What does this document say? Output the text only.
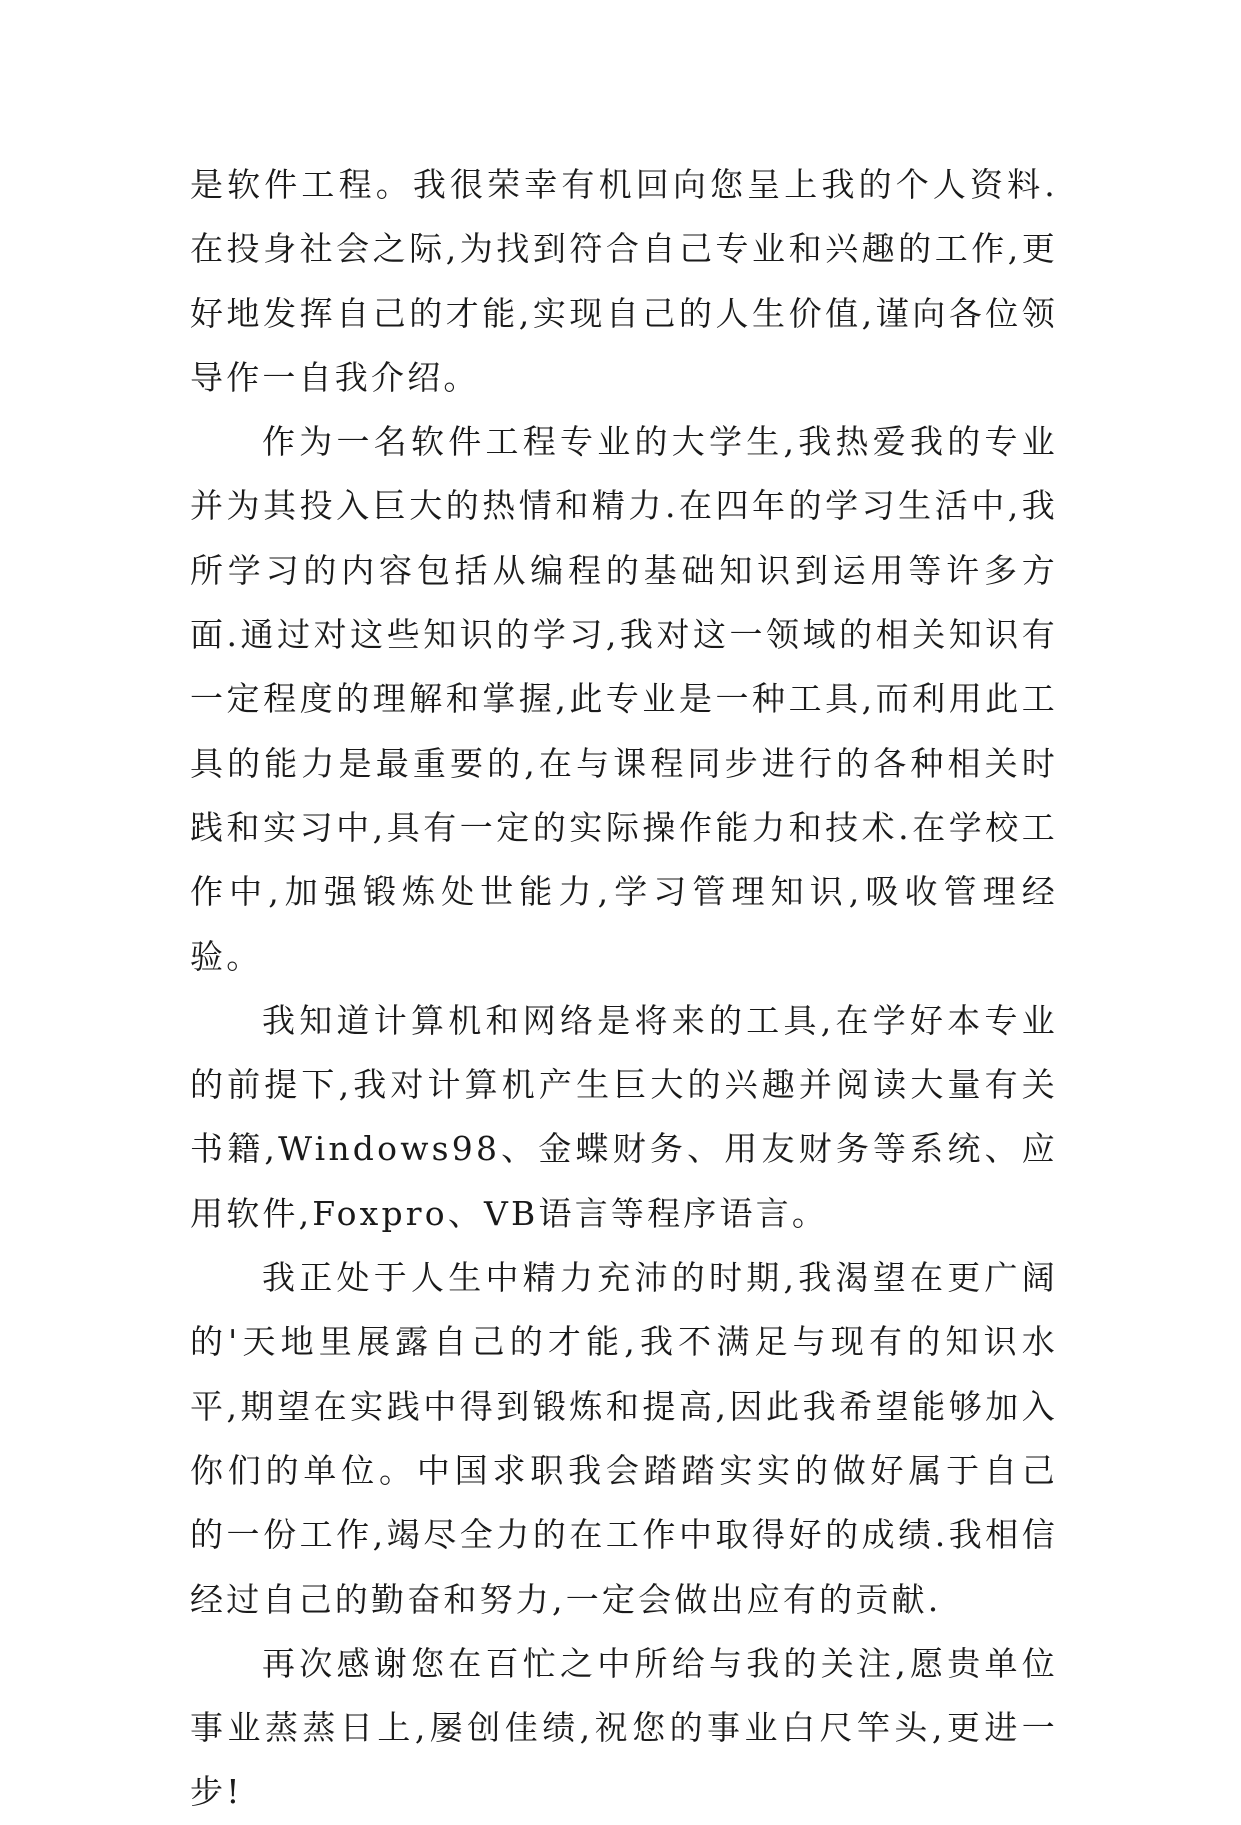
是软件工程。我很荣幸有机回向您呈上我的个人资料.在投身社会之际,为找到符合自己专业和兴趣的工作,更好地发挥自己的才能,实现自己的人生价值,谨向各位领导作一自我介绍。

作为一名软件工程专业的大学生,我热爱我的专业并为其投入巨大的热情和精力.在四年的学习生活中,我所学习的内容包括从编程的基础知识到运用等许多方面.通过对这些知识的学习,我对这一领域的相关知识有一定程度的理解和掌握,此专业是一种工具,而利用此工具的能力是最重要的,在与课程同步进行的各种相关时践和实习中,具有一定的实际操作能力和技术.在学校工作中,加强锻炼处世能力,学习管理知识,吸收管理经验。

我知道计算机和网络是将来的工具,在学好本专业的前提下,我对计算机产生巨大的兴趣并阅读大量有关书籍,Windows98、金蝶财务、用友财务等系统、应用软件,Foxpro、VB语言等程序语言。

我正处于人生中精力充沛的时期,我渴望在更广阔的'天地里展露自己的才能,我不满足与现有的知识水平,期望在实践中得到锻炼和提高,因此我希望能够加入你们的单位。中国求职我会踏踏实实的做好属于自己的一份工作,竭尽全力的在工作中取得好的成绩.我相信经过自己的勤奋和努力,一定会做出应有的贡献.

再次感谢您在百忙之中所给与我的关注,愿贵单位事业蒸蒸日上,屡创佳绩,祝您的事业白尺竿头,更进一步!
